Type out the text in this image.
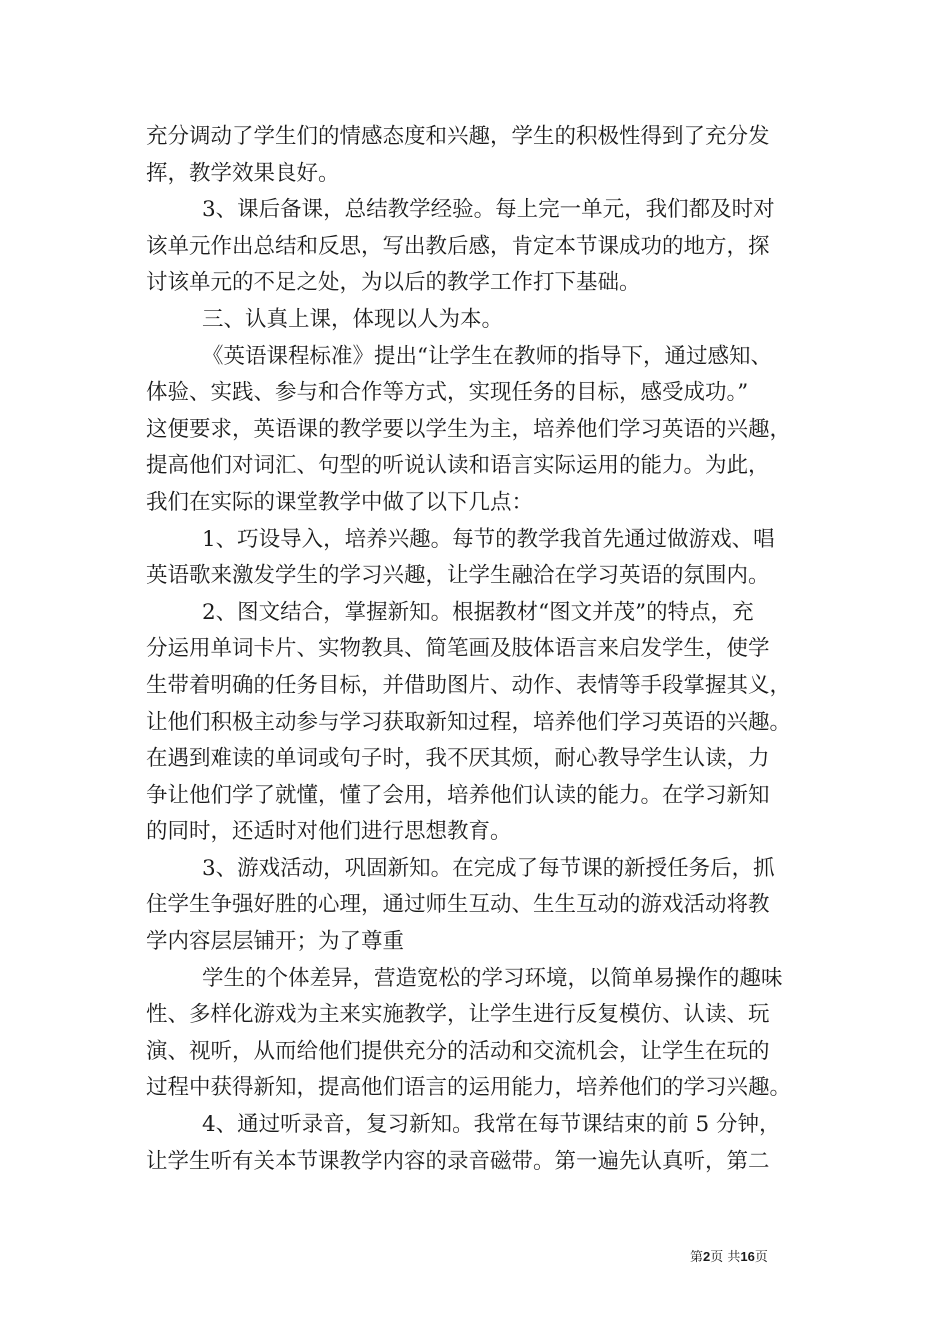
充分调动了学生们的情感态度和兴趣，学生的积极性得到了充分发
挥，教学效果良好。
3、课后备课，总结教学经验。每上完一单元，我们都及时对
该单元作出总结和反思，写出教后感，肯定本节课成功的地方，探
讨该单元的不足之处，为以后的教学工作打下基础。
三、认真上课，体现以人为本。
《英语课程标准》提出“让学生在教师的指导下，通过感知、
体验、实践、参与和合作等方式，实现任务的目标，感受成功。”
这便要求，英语课的教学要以学生为主，培养他们学习英语的兴趣，
提高他们对词汇、句型的听说认读和语言实际运用的能力。为此，
我们在实际的课堂教学中做了以下几点：
1、巧设导入，培养兴趣。每节的教学我首先通过做游戏、唱
英语歌来激发学生的学习兴趣，让学生融洽在学习英语的氛围内。
2、图文结合，掌握新知。根据教材“图文并茂”的特点，充
分运用单词卡片、实物教具、简笔画及肢体语言来启发学生，使学
生带着明确的任务目标，并借助图片、动作、表情等手段掌握其义，
让他们积极主动参与学习获取新知过程，培养他们学习英语的兴趣。
在遇到难读的单词或句子时，我不厌其烦，耐心教导学生认读，力
争让他们学了就懂，懂了会用，培养他们认读的能力。在学习新知
的同时，还适时对他们进行思想教育。
3、游戏活动，巩固新知。在完成了每节课的新授任务后，抓
住学生争强好胜的心理，通过师生互动、生生互动的游戏活动将教
学内容层层铺开；为了尊重
学生的个体差异，营造宽松的学习环境，以简单易操作的趣味
性、多样化游戏为主来实施教学，让学生进行反复模仿、认读、玩
演、视听，从而给他们提供充分的活动和交流机会，让学生在玩的
过程中获得新知，提高他们语言的运用能力，培养他们的学习兴趣。
4、通过听录音，复习新知。我常在每节课结束的前 5 分钟，
让学生听有关本节课教学内容的录音磁带。第一遍先认真听，第二
第2页 共16页
